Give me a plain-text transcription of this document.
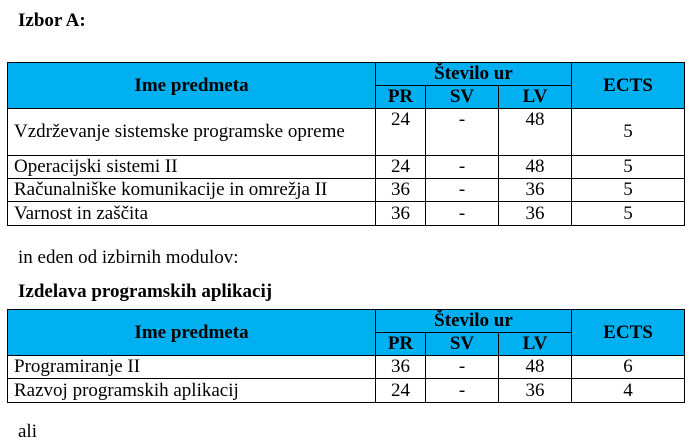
Izbor A:
Ime predmeta	Število ur			ECTS
	PR	SV	LV	
Vzdrževanje sistemske programske opreme	24	-	48	5
Operacijski sistemi II	24	-	48	5
Računalniške komunikacije in omrežja II	36	-	36	5
Varnost in zaščita	36	-	36	5
in eden od izbirnih modulov:
Izdelava programskih aplikacij
Ime predmeta	Število ur			ECTS
	PR	SV	LV	
Programiranje II	36	-	48	6
Razvoj programskih aplikacij	24	-	36	4
ali
